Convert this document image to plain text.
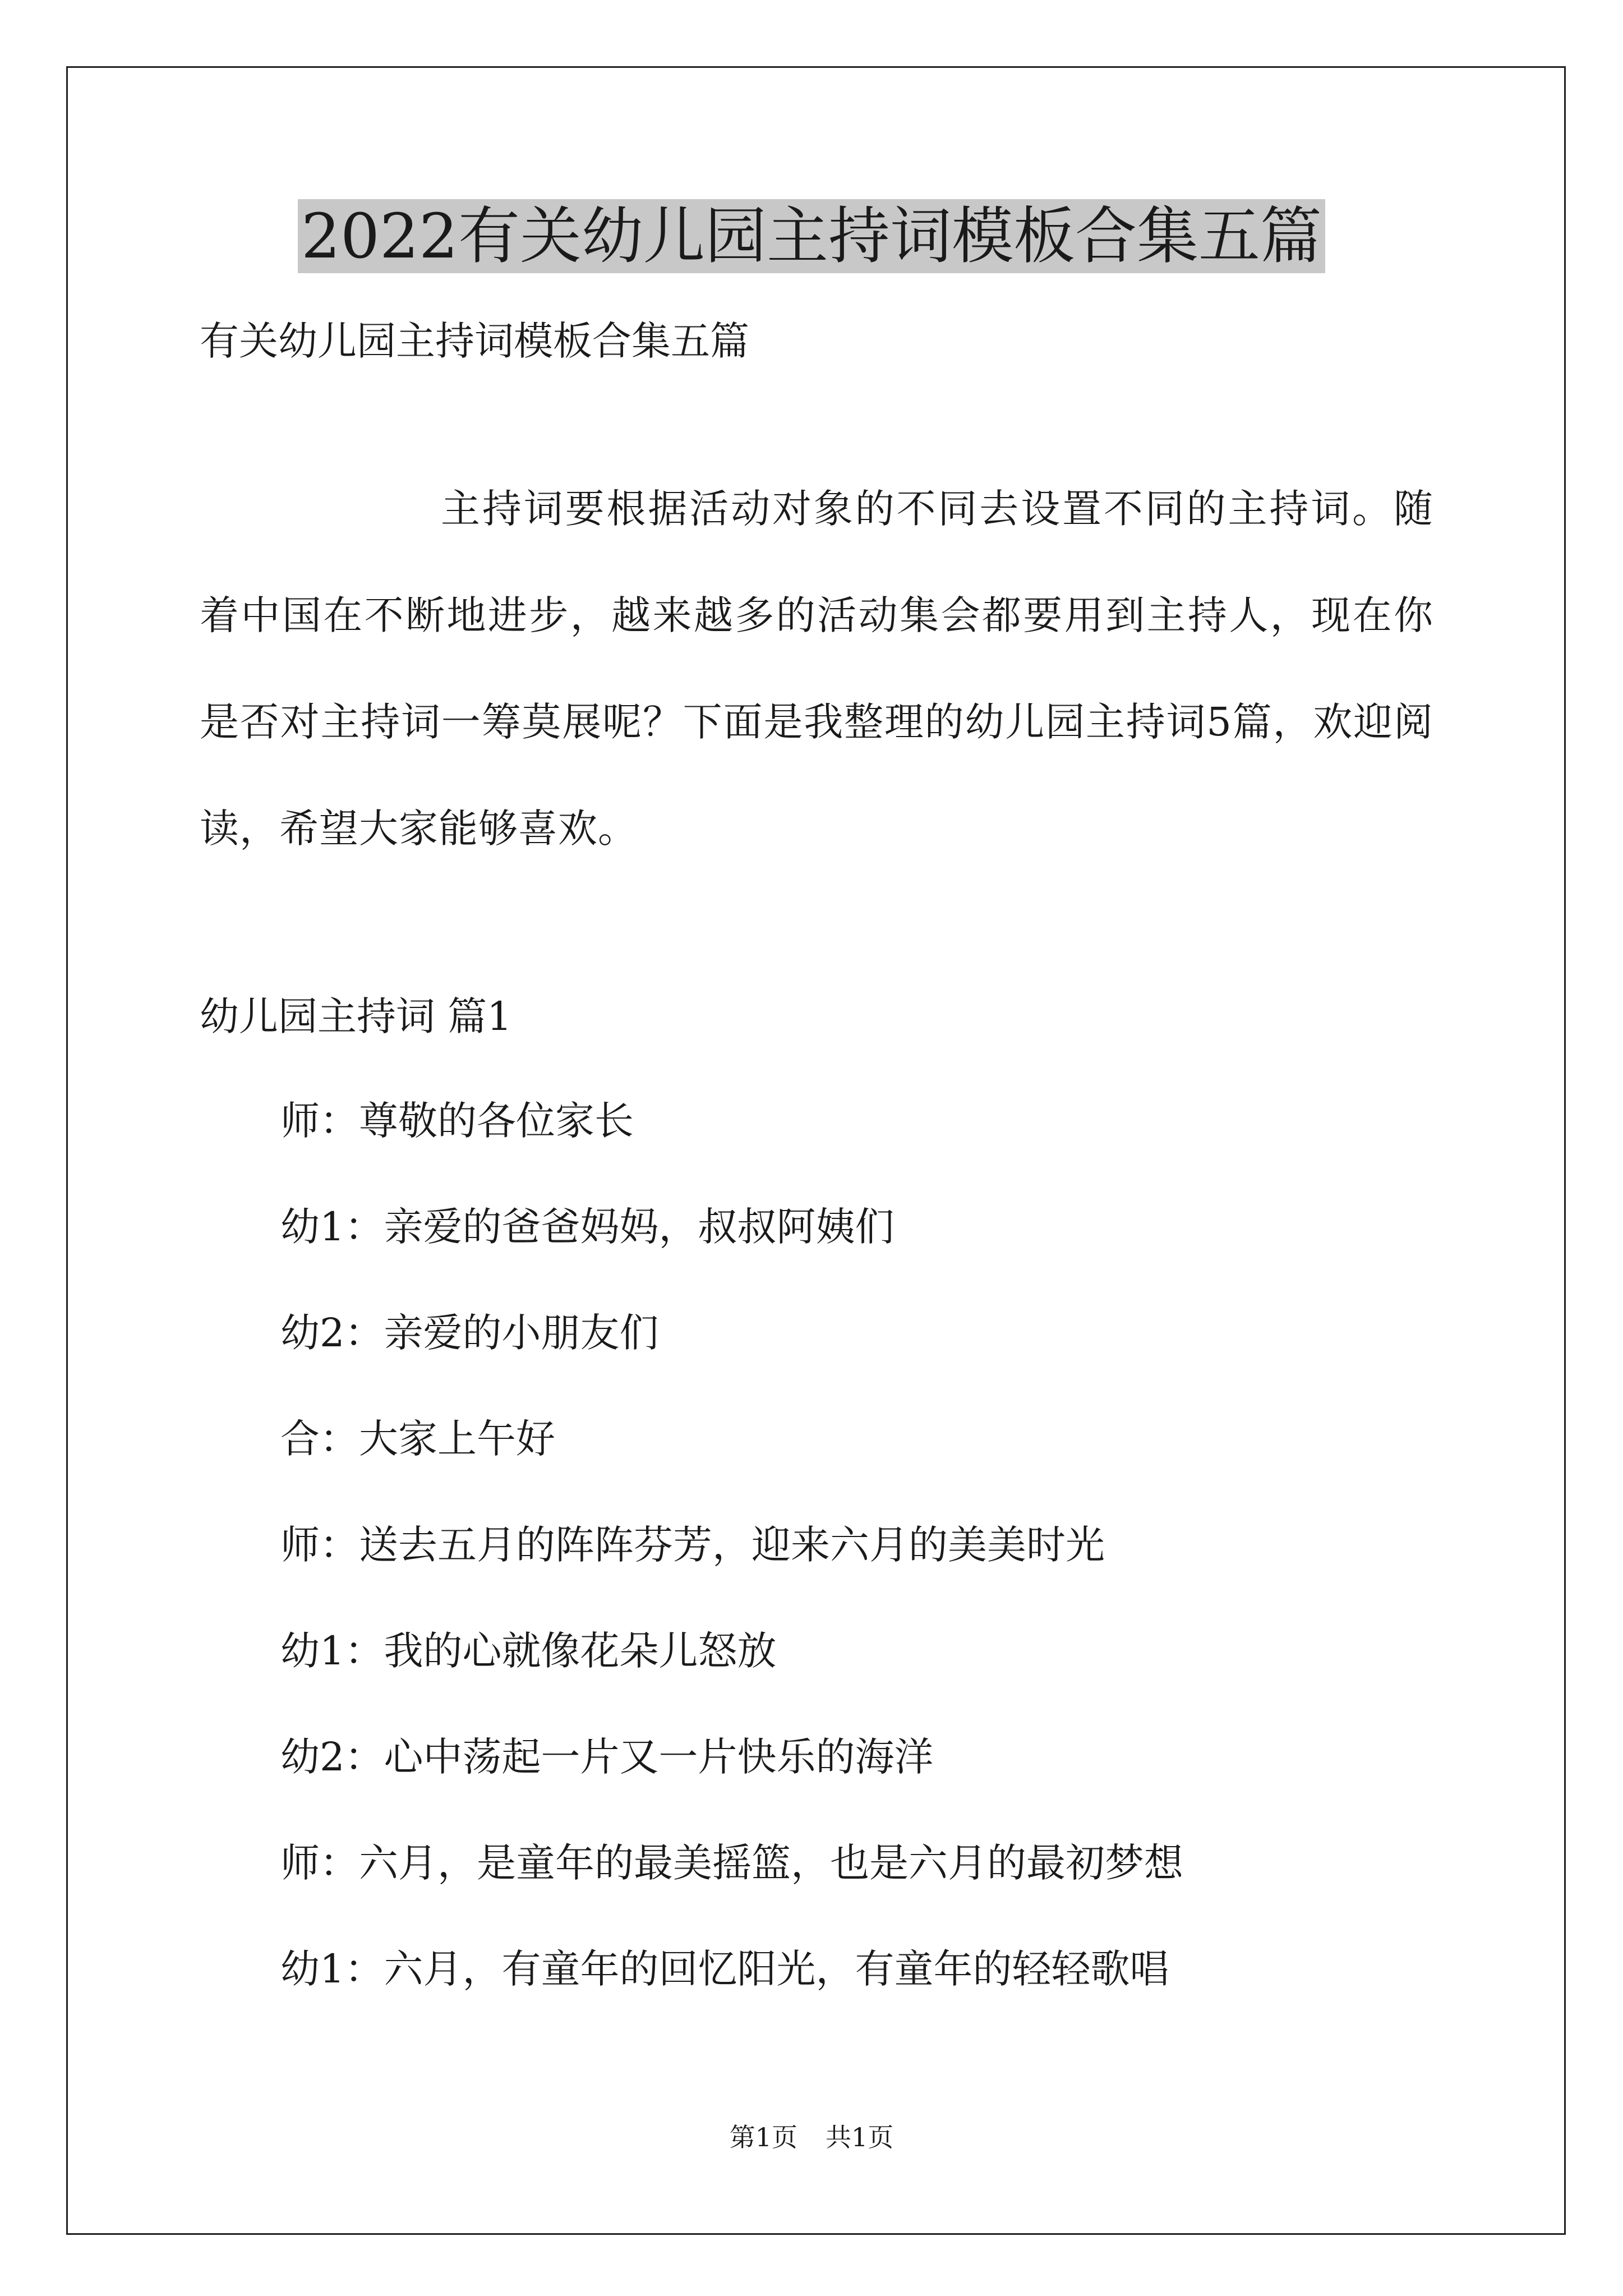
2022有关幼儿园主持词模板合集五篇

有关幼儿园主持词模板合集五篇

主持词要根据活动对象的不同去设置不同的主持词。随着中国在不断地进步，越来越多的活动集会都要用到主持人，现在你是否对主持词一筹莫展呢？下面是我整理的幼儿园主持词5篇，欢迎阅读，希望大家能够喜欢。

幼儿园主持词 篇1
师：尊敬的各位家长
幼1：亲爱的爸爸妈妈，叔叔阿姨们
幼2：亲爱的小朋友们
合：大家上午好
师：送去五月的阵阵芬芳，迎来六月的美美时光
幼1：我的心就像花朵儿怒放
幼2：心中荡起一片又一片快乐的海洋
师：六月，是童年的最美摇篮，也是六月的最初梦想
幼1：六月，有童年的回忆阳光，有童年的轻轻歌唱
第1页 共1页
